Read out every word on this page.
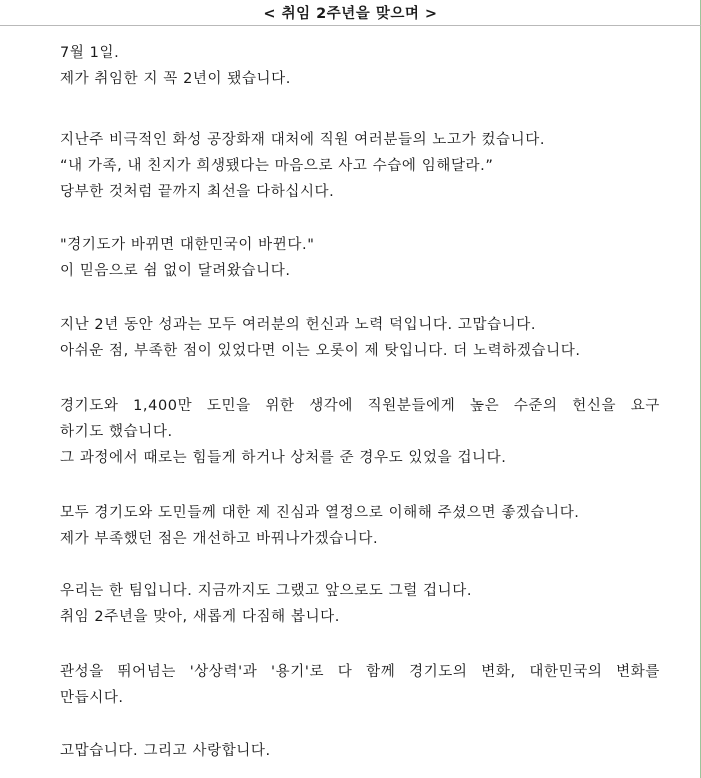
< 취임 2주년을 맞으며 >
7월 1일.
제가 취임한 지 꼭 2년이 됐습니다.
지난주 비극적인 화성 공장화재 대처에 직원 여러분들의 노고가 컸습니다.
“내 가족, 내 친지가 희생됐다는 마음으로 사고 수습에 임해달라.”
당부한 것처럼 끝까지 최선을 다하십시다.
"경기도가 바뀌면 대한민국이 바뀐다."
이 믿음으로 쉼 없이 달려왔습니다.
지난 2년 동안 성과는 모두 여러분의 헌신과 노력 덕입니다. 고맙습니다.
아쉬운 점, 부족한 점이 있었다면 이는 오롯이 제 탓입니다. 더 노력하겠습니다.
경기도와 1,400만 도민을 위한 생각에 직원분들에게 높은 수준의 헌신을 요구
하기도 했습니다.
그 과정에서 때로는 힘들게 하거나 상처를 준 경우도 있었을 겁니다.
모두 경기도와 도민들께 대한 제 진심과 열정으로 이해해 주셨으면 좋겠습니다.
제가 부족했던 점은 개선하고 바꿔나가겠습니다.
우리는 한 팀입니다. 지금까지도 그랬고 앞으로도 그럴 겁니다.
취임 2주년을 맞아, 새롭게 다짐해 봅니다.
관성을 뛰어넘는 '상상력'과 '용기'로 다 함께 경기도의 변화, 대한민국의 변화를
만듭시다.
고맙습니다. 그리고 사랑합니다.
